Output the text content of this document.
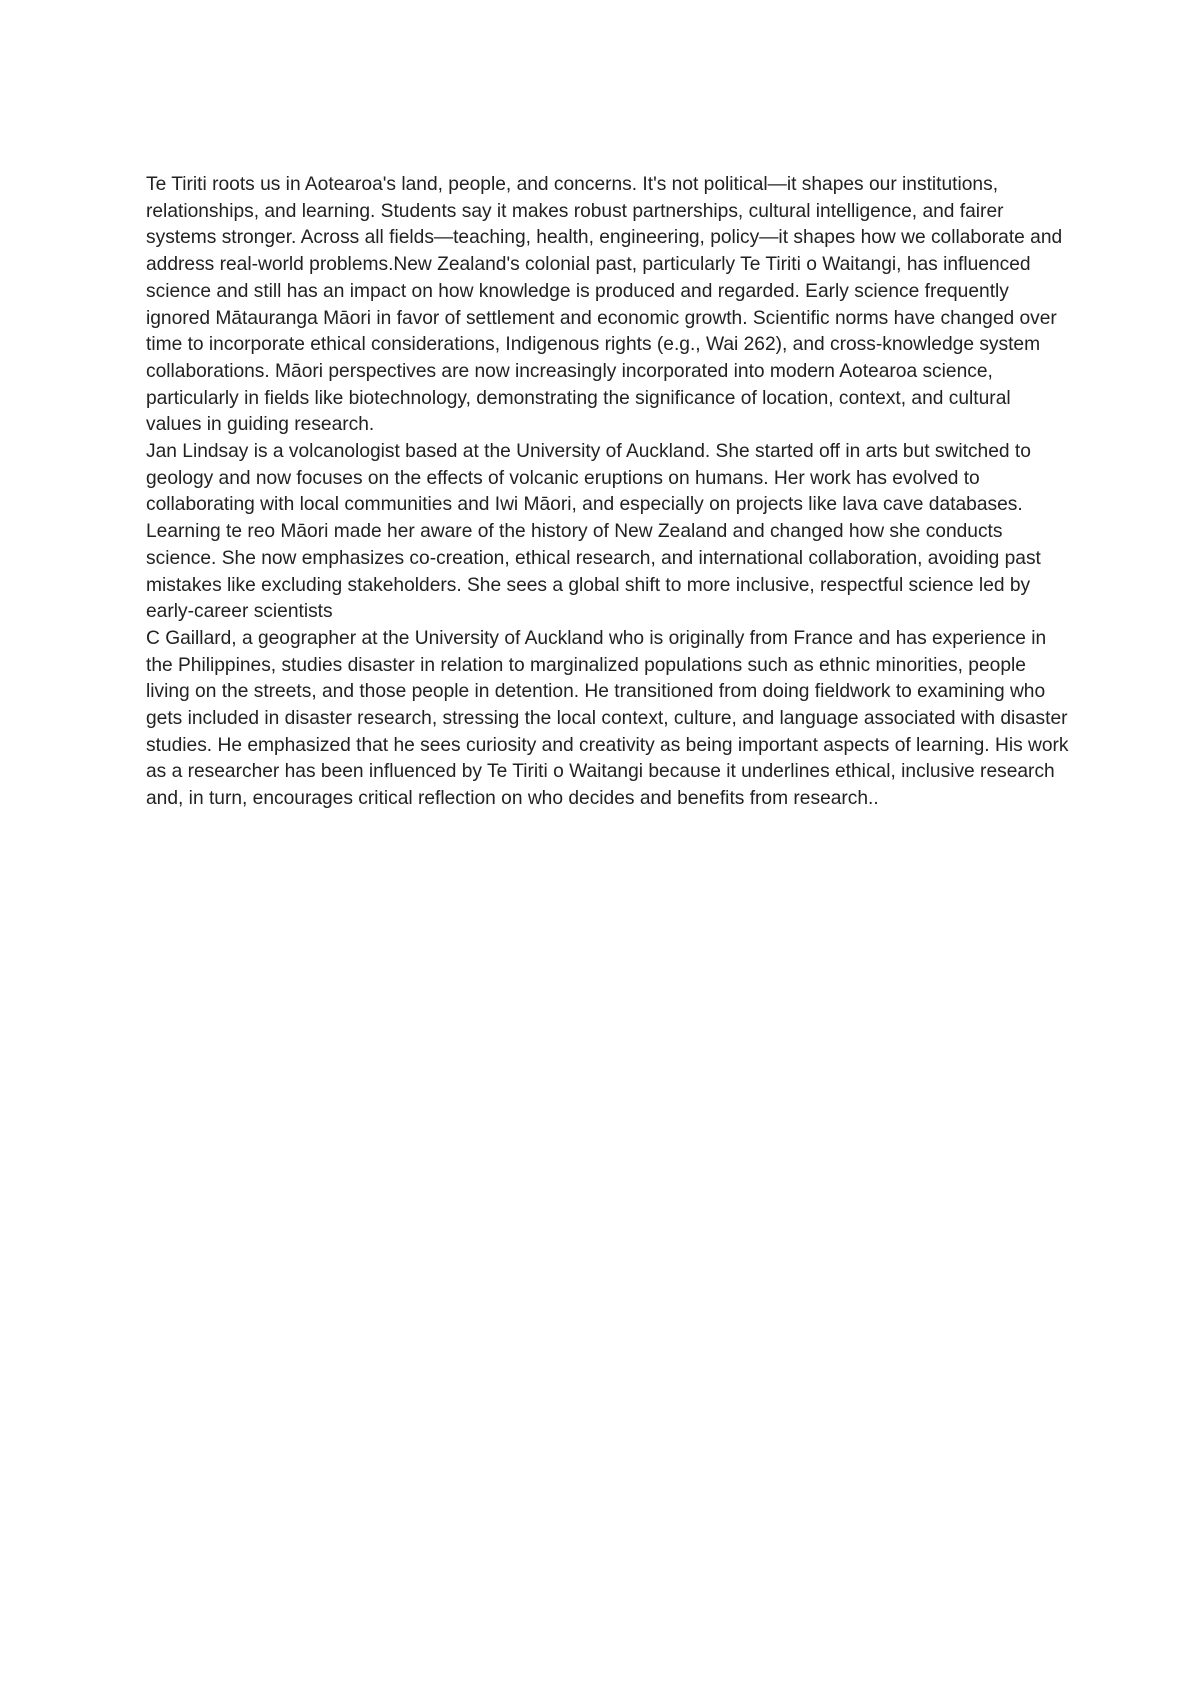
Te Tiriti roots us in Aotearoa's land, people, and concerns. It's not political—it shapes our institutions, relationships, and learning. Students say it makes robust partnerships, cultural intelligence, and fairer systems stronger. Across all fields—teaching, health, engineering, policy—it shapes how we collaborate and address real-world problems.New Zealand's colonial past, particularly Te Tiriti o Waitangi, has influenced science and still has an impact on how knowledge is produced and regarded. Early science frequently ignored Mātauranga Māori in favor of settlement and economic growth. Scientific norms have changed over time to incorporate ethical considerations, Indigenous rights (e.g., Wai 262), and cross-knowledge system collaborations. Māori perspectives are now increasingly incorporated into modern Aotearoa science, particularly in fields like biotechnology, demonstrating the significance of location, context, and cultural values in guiding research.

Jan Lindsay is a volcanologist based at the University of Auckland. She started off in arts but switched to geology and now focuses on the effects of volcanic eruptions on humans. Her work has evolved to collaborating with local communities and Iwi Māori, and especially on projects like lava cave databases. Learning te reo Māori made her aware of the history of New Zealand and changed how she conducts science. She now emphasizes co-creation, ethical research, and international collaboration, avoiding past mistakes like excluding stakeholders. She sees a global shift to more inclusive, respectful science led by early-career scientists

C Gaillard, a geographer at the University of Auckland who is originally from France and has experience in the Philippines, studies disaster in relation to marginalized populations such as ethnic minorities, people living on the streets, and those people in detention. He transitioned from doing fieldwork to examining who gets included in disaster research, stressing the local context, culture, and language associated with disaster studies. He emphasized that he sees curiosity and creativity as being important aspects of learning. His work as a researcher has been influenced by Te Tiriti o Waitangi because it underlines ethical, inclusive research and, in turn, encourages critical reflection on who decides and benefits from research..
